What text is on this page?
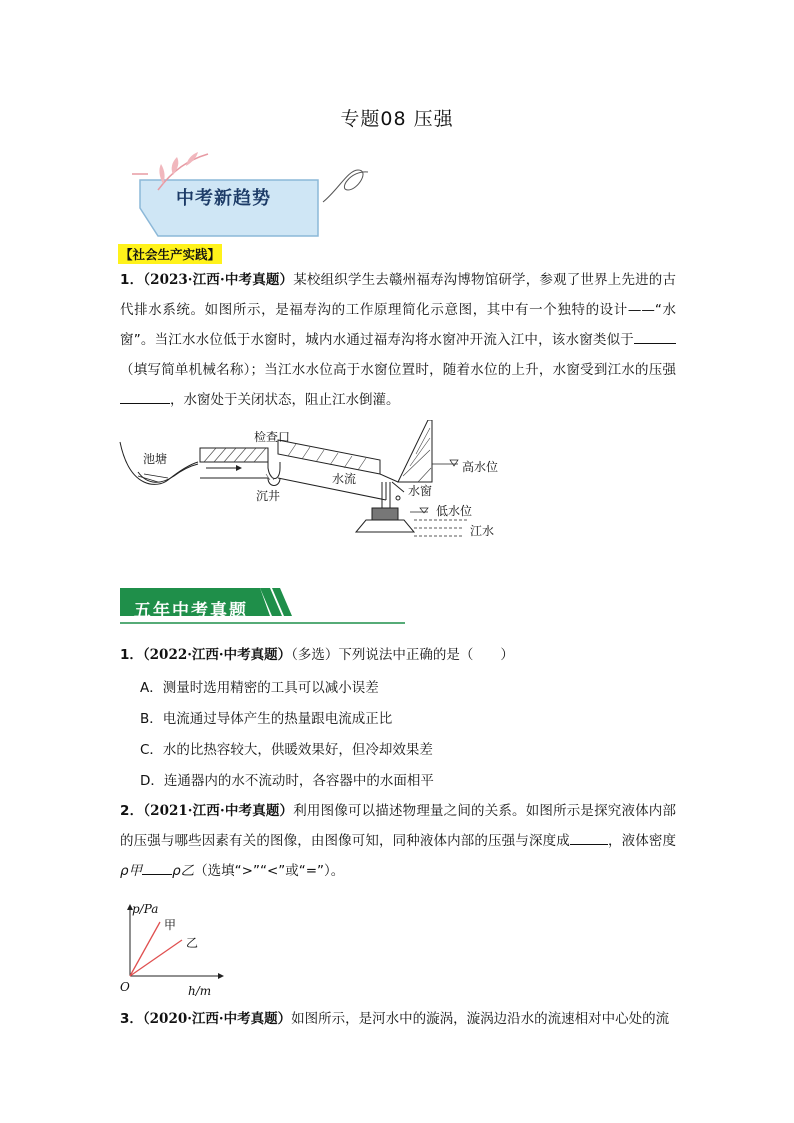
专题08 压强
中考新趋势
【社会生产实践】
1．（2023·江西·中考真题）某校组织学生去赣州福寿沟博物馆研学，参观了世界上先进的古代排水系统。如图所示，是福寿沟的工作原理简化示意图，其中有一个独特的设计——“水窗”。当江水水位低于水窗时，城内水通过福寿沟将水窗冲开流入江中，该水窗类似于（填写简单机械名称）；当江水水位高于水窗位置时，随着水位的上升，水窗受到江水的压强，水窗处于关闭状态，阻止江水倒灌。
池塘
检查口
水流
高水位
沉井	水窗
低水位
江水
五年中考真题
1．（2022·江西·中考真题）（多选）下列说法中正确的是（　　）
A．测量时选用精密的工具可以减小误差
B．电流通过导体产生的热量跟电流成正比
C．水的比热容较大，供暖效果好，但冷却效果差
D．连通器内的水不流动时，各容器中的水面相平
2．（2021·江西·中考真题）利用图像可以描述物理量之间的关系。如图所示是探究液体内部的压强与哪些因素有关的图像，由图像可知，同种液体内部的压强与深度成	，液体密度ρ甲 ρ乙（选填“>”“<”或“=”）。
p/Pa
h/m
O
甲
乙
3．（2020·江西·中考真题）如图所示，是河水中的漩涡，漩涡边沿水的流速相对中心处的流
